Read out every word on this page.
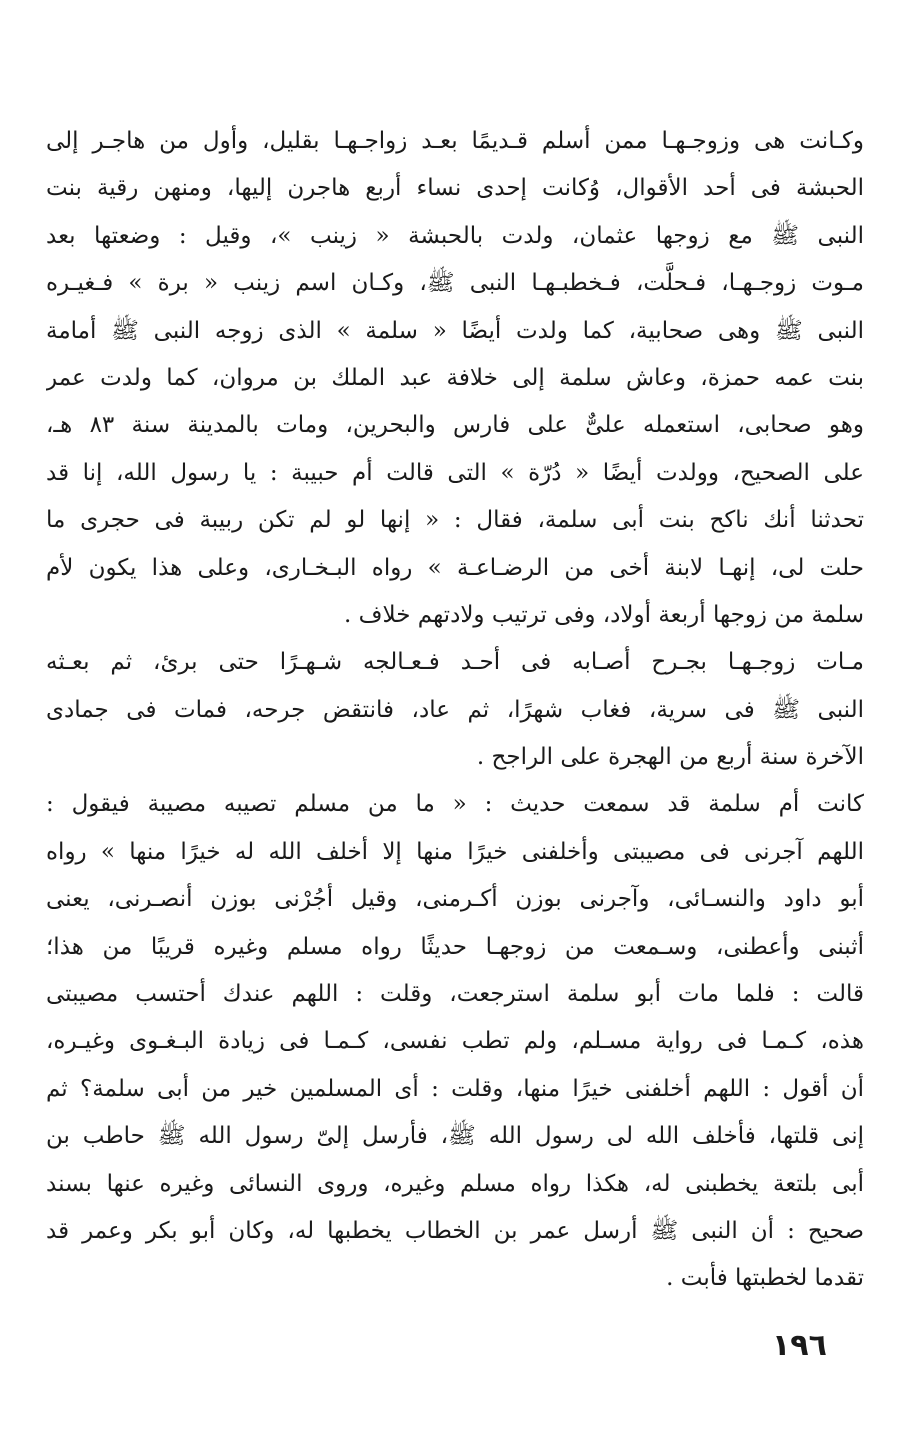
وكـانت هى وزوجـهـا ممن أسلم قـديمًا بعـد زواجـهـا بقليل، وأول من هاجـر إلى
الحبشة فى أحد الأقوال، وُكانت إحدى نساء أربع هاجرن إليها، ومنهن رقية بنت
النبى ﷺ مع زوجها عثمان، ولدت بالحبشة « زينب »، وقيل : وضعتها بعد
مـوت زوجـهـا، فـحلَّت، فـخطبـهـا النبى ﷺ، وكـان اسم زينب « برة » فـغيـره
النبى ﷺ وهى صحابية، كما ولدت أيضًا « سلمة » الذى زوجه النبى ﷺ أمامة
بنت عمه حمزة، وعاش سلمة إلى خلافة عبد الملك بن مروان، كما ولدت عمر
وهو صحابى، استعمله علىٌّ على فارس والبحرين، ومات بالمدينة سنة ٨٣ هـ،
على الصحيح، وولدت أيضًا « دُرّة » التى قالت أم حبيبة : يا رسول الله، إنا قد
تحدثنا أنك ناكح بنت أبى سلمة، فقال : « إنها لو لم تكن ربيبة فى حجرى ما
حلت لى، إنهـا لابنة أخى من الرضـاعـة » رواه البـخـارى، وعلى هذا يكون لأم
سلمة من زوجها أربعة أولاد، وفى ترتيب ولادتهم خلاف .
مـات زوجـهـا بجـرح أصـابه فى أحـد فـعـالجه شـهـرًا حتى برئ، ثم بعـثه
النبى ﷺ فى سرية، فغاب شهرًا، ثم عاد، فانتقض جرحه، فمات فى جمادى
الآخرة سنة أربع من الهجرة على الراجح .
كانت أم سلمة قد سمعت حديث : « ما من مسلم تصيبه مصيبة فيقول :
اللهم آجرنى فى مصيبتى وأخلفنى خيرًا منها إلا أخلف الله له خيرًا منها » رواه
أبو داود والنسـائى، وآجرنى بوزن أكـرمنى، وقيل أجُرْنى بوزن أنصـرنى، يعنى
أثبنى وأعطنى، وسـمعت من زوجهـا حديثًا رواه مسلم وغيره قريبًا من هذا؛
قالت : فلما مات أبو سلمة استرجعت، وقلت : اللهم عندك أحتسب مصيبتى
هذه، كـمـا فى رواية مسـلم، ولم تطب نفسى، كـمـا فى زيادة البـغـوى وغيـره،
أن أقول : اللهم أخلفنى خيرًا منها، وقلت : أى المسلمين خير من أبى سلمة؟ ثم
إنى قلتها، فأخلف الله لى رسول الله ﷺ، فأرسل إلىّ رسول الله ﷺ حاطب بن
أبى بلتعة يخطبنى له، هكذا رواه مسلم وغيره، وروى النسائى وغيره عنها بسند
صحيح : أن النبى ﷺ أرسل عمر بن الخطاب يخطبها له، وكان أبو بكر وعمر قد
تقدما لخطبتها فأبت .
١٩٦
